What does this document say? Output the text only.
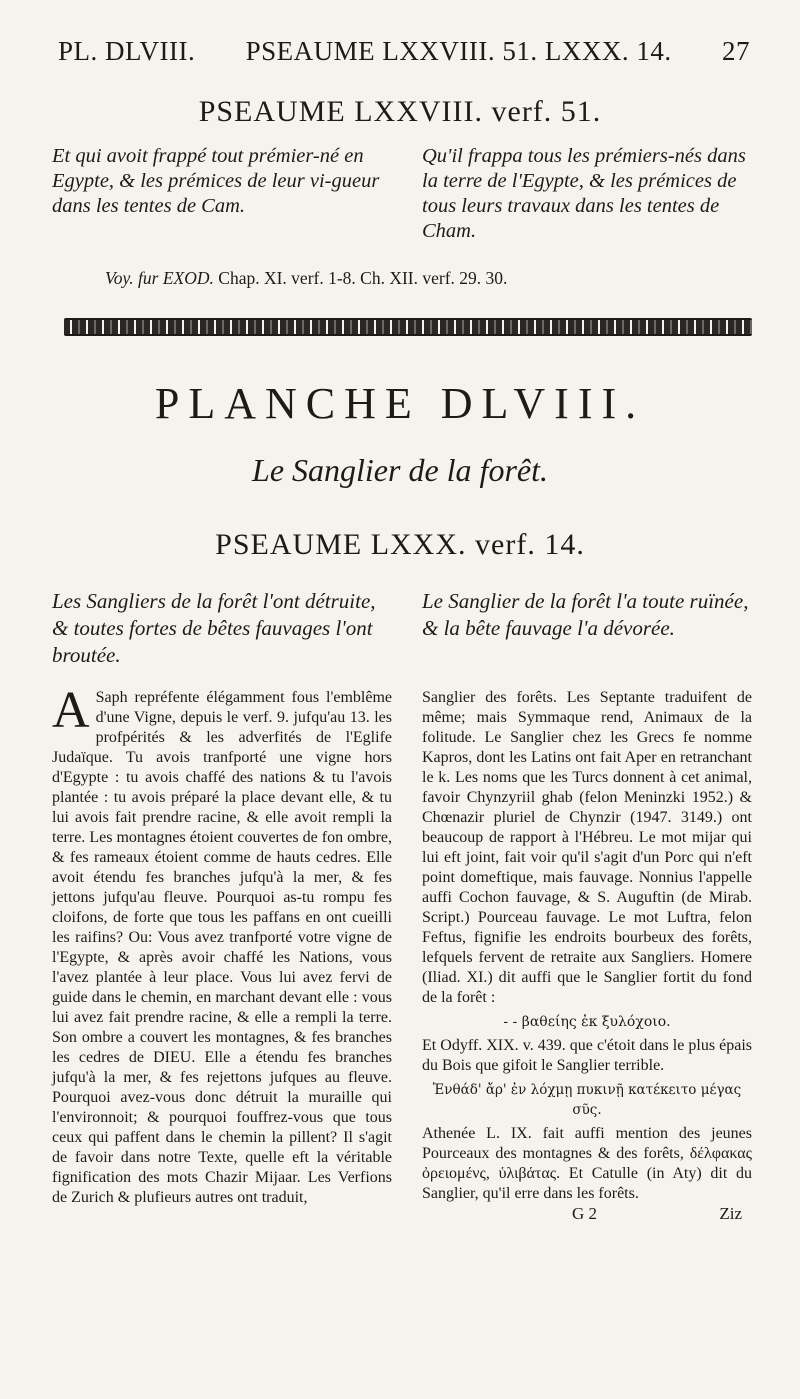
PL. DLVIII. PSEAUME LXXVIII. 51. LXXX. 14. 27
PSEAUME LXXVIII. verf. 51.
Et qui avoit frappé tout prémier-né en Egypte, & les prémices de leur vi-gueur dans les tentes de Cam.
Qu'il frappa tous les prémiers-nés dans la terre de l'Egypte, & les prémices de tous leurs travaux dans les tentes de Cham.
Voy. fur EXOD. Chap. XI. verf. 1-8. Ch. XII. verf. 29. 30.
PLANCHE DLVIII.
Le Sanglier de la forêt.
PSEAUME LXXX. verf. 14.
Les Sangliers de la forêt l'ont détruite, & toutes fortes de bêtes fauvages l'ont broutée.
Le Sanglier de la forêt l'a toute ruïnée, & la bête fauvage l'a dévorée.
A Saph repréfente élégamment fous l'emblême d'une Vigne, depuis le verf. 9. jufqu'au 13. les profpérités & les adverfités de l'Eglife Judaïque. Tu avois tranfporté une vigne hors d'Egypte : tu avois chaffé des nations & tu l'avois plantée : tu avois préparé la place devant elle, & tu lui avois fait prendre racine, & elle avoit rempli la terre. Les montagnes étoient couvertes de fon ombre, & fes rameaux étoient comme de hauts cedres. Elle avoit étendu fes branches jufqu'à la mer, & fes jettons jufqu'au fleuve. Pourquoi as-tu rompu fes cloifons, de forte que tous les paffans en ont cueilli les raifins? Ou: Vous avez tranfporté votre vigne de l'Egypte, & après avoir chaffé les Nations, vous l'avez plantée à leur place. Vous lui avez fervi de guide dans le chemin, en marchant devant elle : vous lui avez fait prendre racine, & elle a rempli la terre. Son ombre a couvert les montagnes, & fes branches les cedres de DIEU. Elle a étendu fes branches jufqu'à la mer, & fes rejettons jufques au fleuve. Pourquoi avez-vous donc détruit la muraille qui l'environnoit; & pourquoi fouffrez-vous que tous ceux qui paffent dans le chemin la pillent? Il s'agit de favoir dans notre Texte, quelle eft la véritable fignification des mots Chazir Mijaar. Les Verfions de Zurich & plufieurs autres ont traduit,
Sanglier des forêts. Les Septante traduifent de même; mais Symmaque rend, Animaux de la folitude. Le Sanglier chez les Grecs fe nomme Kapros, dont les Latins ont fait Aper en retranchant le k. Les noms que les Turcs donnent à cet animal, favoir Chynzyriil ghab (felon Meninzki 1952.) & Chœnazir pluriel de Chynzir (1947. 3149.) ont beaucoup de rapport à l'Hébreu. Le mot mijar qui lui eft joint, fait voir qu'il s'agit d'un Porc qui n'eft point domeftique, mais fauvage. Nonnius l'appelle auffi Cochon fauvage, & S. Auguftin (de Mirab. Script.) Pourceau fauvage. Le mot Luftra, felon Feftus, fignifie les endroits bourbeux des forêts, lefquels fervent de retraite aux Sangliers. Homere (Iliad. XI.) dit auffi que le Sanglier fortit du fond de la forêt :
- - βαθείης ἐκ ξυλόχοιο.
Et Odyff. XIX. v. 439. que c'étoit dans le plus épais du Bois que gifoit le Sanglier terrible.
Ἐνθάδ' ἄρ' ἐν λόχμῃ πυκινῇ κατέκειτο μέγας σῦς.
Athenée L. IX. fait auffi mention des jeunes Pourceaux des montagnes & des forêts, δέλφακας ὀρειομένς, ὑλιβάτας. Et Catulle (in Aty) dit du Sanglier, qu'il erre dans les forêts.
G 2	Ziz
